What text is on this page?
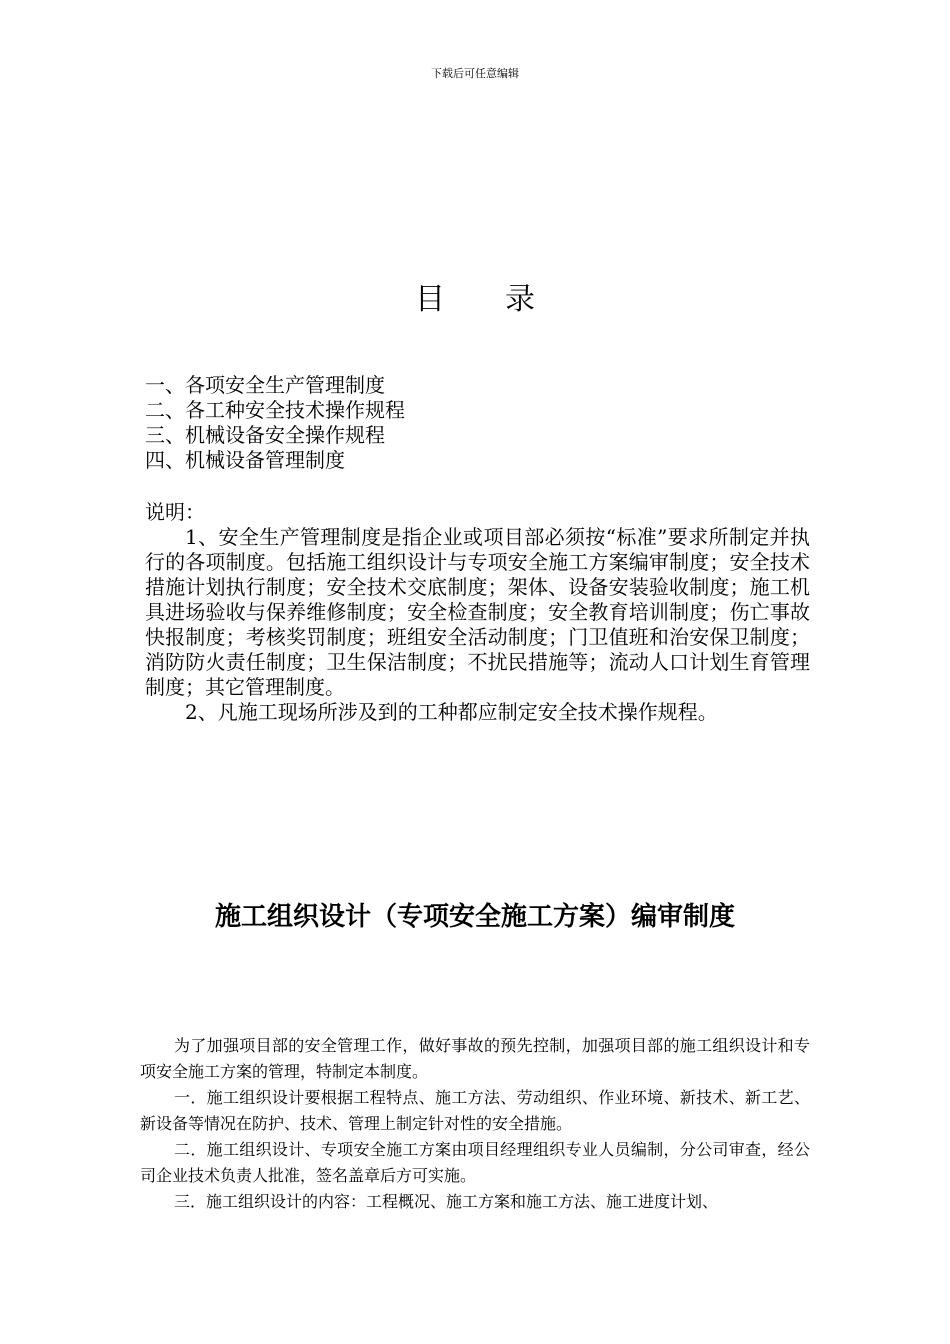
下载后可任意编辑
目 录
一、各项安全生产管理制度
二、各工种安全技术操作规程
三、机械设备安全操作规程
四、机械设备管理制度

说明：

1、安全生产管理制度是指企业或项目部必须按“标准”要求所制定并执行的各项制度。包括施工组织设计与专项安全施工方案编审制度；安全技术措施计划执行制度；安全技术交底制度；架体、设备安装验收制度；施工机具进场验收与保养维修制度；安全检查制度；安全教育培训制度；伤亡事故快报制度；考核奖罚制度；班组安全活动制度；门卫值班和治安保卫制度；消防防火责任制度；卫生保洁制度；不扰民措施等；流动人口计划生育管理制度；其它管理制度。

2、凡施工现场所涉及到的工种都应制定安全技术操作规程。

施工组织设计（专项安全施工方案）编审制度

为了加强项目部的安全管理工作，做好事故的预先控制，加强项目部的施工组织设计和专项安全施工方案的管理，特制定本制度。

一．施工组织设计要根据工程特点、施工方法、劳动组织、作业环境、新技术、新工艺、新设备等情况在防护、技术、管理上制定针对性的安全措施。

二．施工组织设计、专项安全施工方案由项目经理组织专业人员编制，分公司审查，经公司企业技术负责人批准，签名盖章后方可实施。

三．施工组织设计的内容：工程概况、施工方案和施工方法、施工进度计划、
